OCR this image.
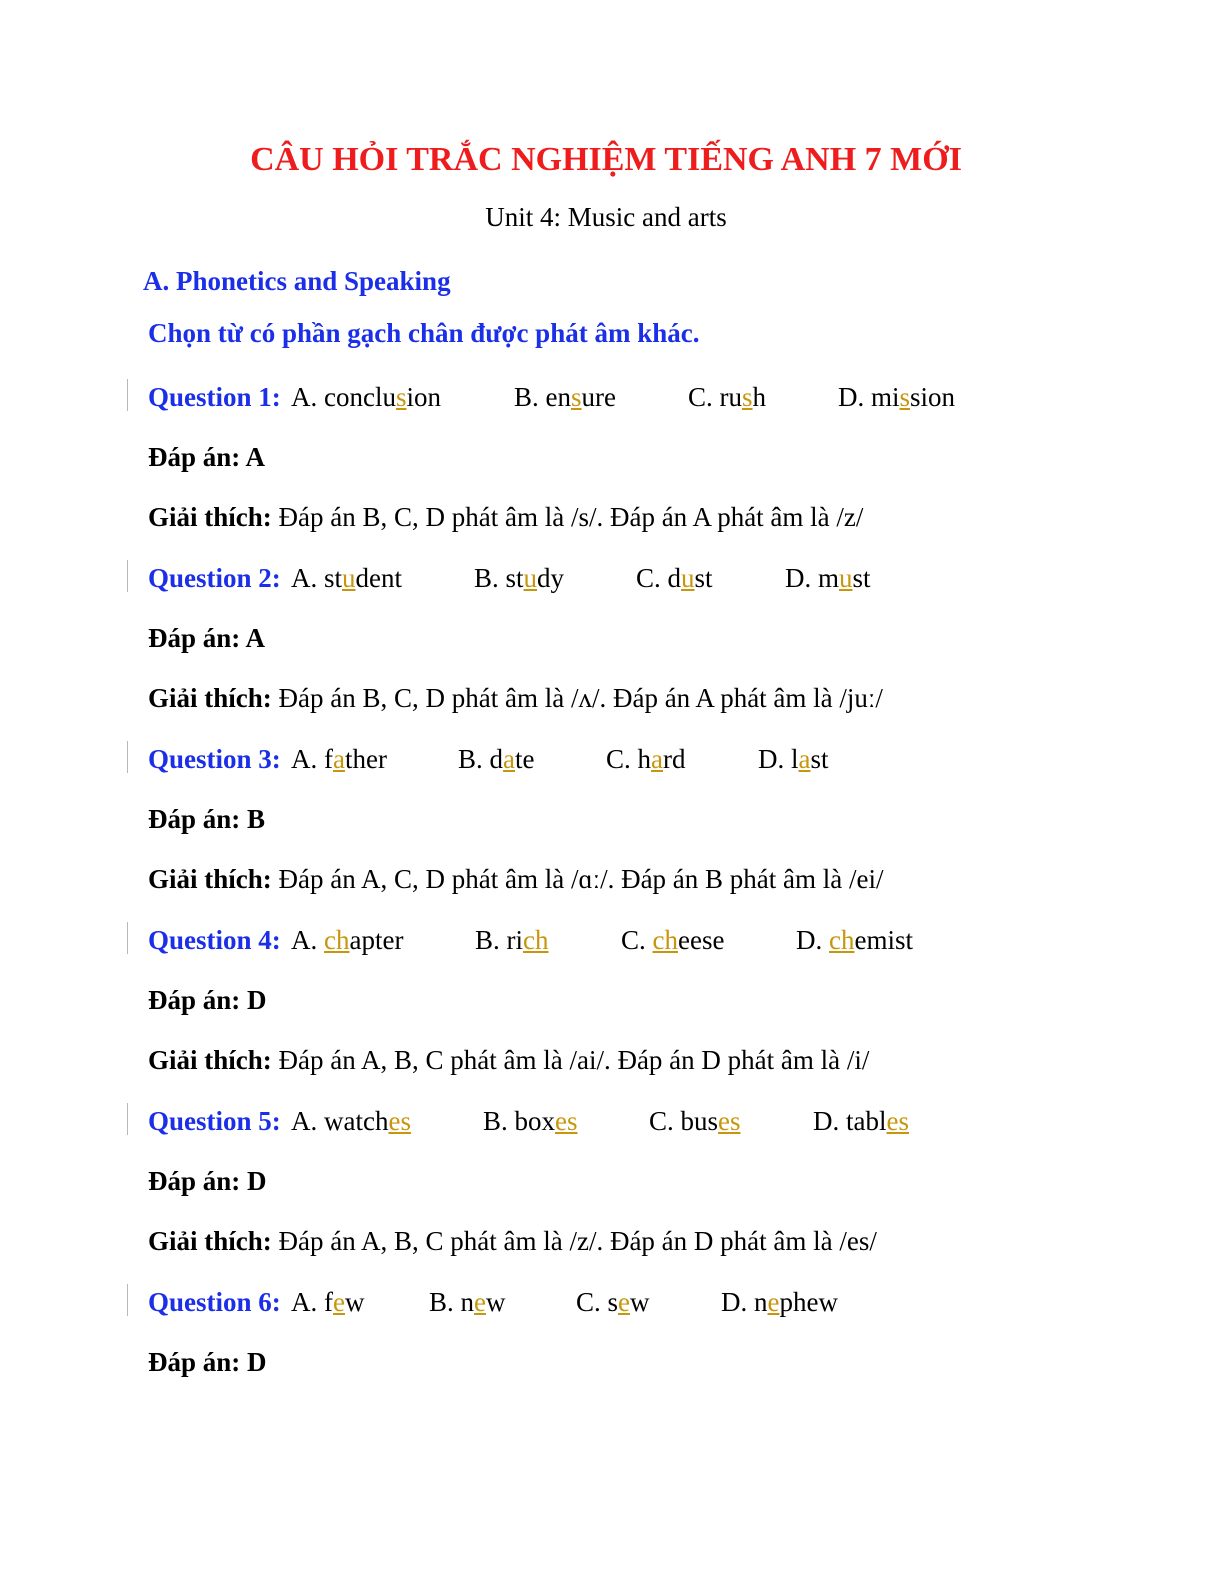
CÂU HỎI TRẮC NGHIỆM TIẾNG ANH 7 MỚI
Unit 4: Music and arts
A. Phonetics and Speaking
Chọn từ có phần gạch chân được phát âm khác.
Question 1: A. conclusion	B. ensure	C. rush	D. mission
Đáp án: A
Giải thích: Đáp án B, C, D phát âm là /s/. Đáp án A phát âm là /z/
Question 2: A. student	B. study	C. dust	D. must
Đáp án: A
Giải thích: Đáp án B, C, D phát âm là /ʌ/. Đáp án A phát âm là /juː/
Question 3: A. father	B. date	C. hard	D. last
Đáp án: B
Giải thích: Đáp án A, C, D phát âm là /ɑː/. Đáp án B phát âm là /ei/
Question 4: A. chapter	B. rich	C. cheese	D. chemist
Đáp án: D
Giải thích: Đáp án A, B, C phát âm là /ai/. Đáp án D phát âm là /i/
Question 5: A. watches	B. boxes	C. buses	D. tables
Đáp án: D
Giải thích: Đáp án A, B, C phát âm là /z/. Đáp án D phát âm là /es/
Question 6: A. few B. new	C. sew	D. nephew
Đáp án: D
